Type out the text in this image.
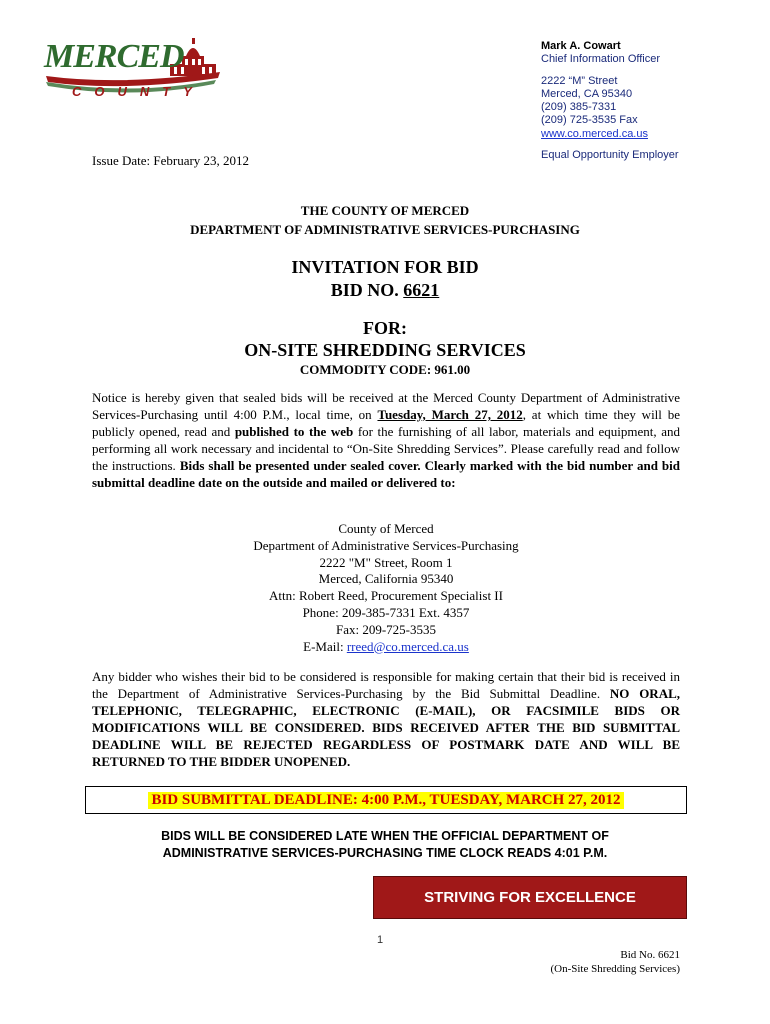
MERCED
COUNTY
Mark A. Cowart
Chief Information Officer
2222 “M” Street
Merced, CA 95340
(209) 385-7331
(209) 725-3535 Fax
www.co.merced.ca.us
Equal Opportunity Employer
Issue Date: February 23, 2012
THE COUNTY OF MERCED
DEPARTMENT OF ADMINISTRATIVE SERVICES-PURCHASING
INVITATION FOR BID
BID NO. 6621
FOR:
ON-SITE SHREDDING SERVICES
COMMODITY CODE: 961.00
Notice is hereby given that sealed bids will be received at the Merced County Department of Administrative Services-Purchasing until 4:00 P.M., local time, on Tuesday, March 27, 2012, at which time they will be publicly opened, read and published to the web for the furnishing of all labor, materials and equipment, and performing all work necessary and incidental to “On-Site Shredding Services”. Please carefully read and follow the instructions. Bids shall be presented under sealed cover. Clearly marked with the bid number and bid submittal deadline date on the outside and mailed or delivered to:
County of Merced
Department of Administrative Services-Purchasing
2222 "M" Street, Room 1
Merced, California 95340
Attn: Robert Reed, Procurement Specialist II
Phone: 209-385-7331 Ext. 4357
Fax: 209-725-3535
E-Mail: rreed@co.merced.ca.us
Any bidder who wishes their bid to be considered is responsible for making certain that their bid is received in the Department of Administrative Services-Purchasing by the Bid Submittal Deadline. NO ORAL, TELEPHONIC, TELEGRAPHIC, ELECTRONIC (E-MAIL), OR FACSIMILE BIDS OR MODIFICATIONS WILL BE CONSIDERED. BIDS RECEIVED AFTER THE BID SUBMITTAL DEADLINE WILL BE REJECTED REGARDLESS OF POSTMARK DATE AND WILL BE RETURNED TO THE BIDDER UNOPENED.
BID SUBMITTAL DEADLINE: 4:00 P.M., TUESDAY, MARCH 27, 2012
BIDS WILL BE CONSIDERED LATE WHEN THE OFFICIAL DEPARTMENT OF
ADMINISTRATIVE SERVICES-PURCHASING TIME CLOCK READS 4:01 P.M.
STRIVING FOR EXCELLENCE
1
Bid No. 6621
(On-Site Shredding Services)
